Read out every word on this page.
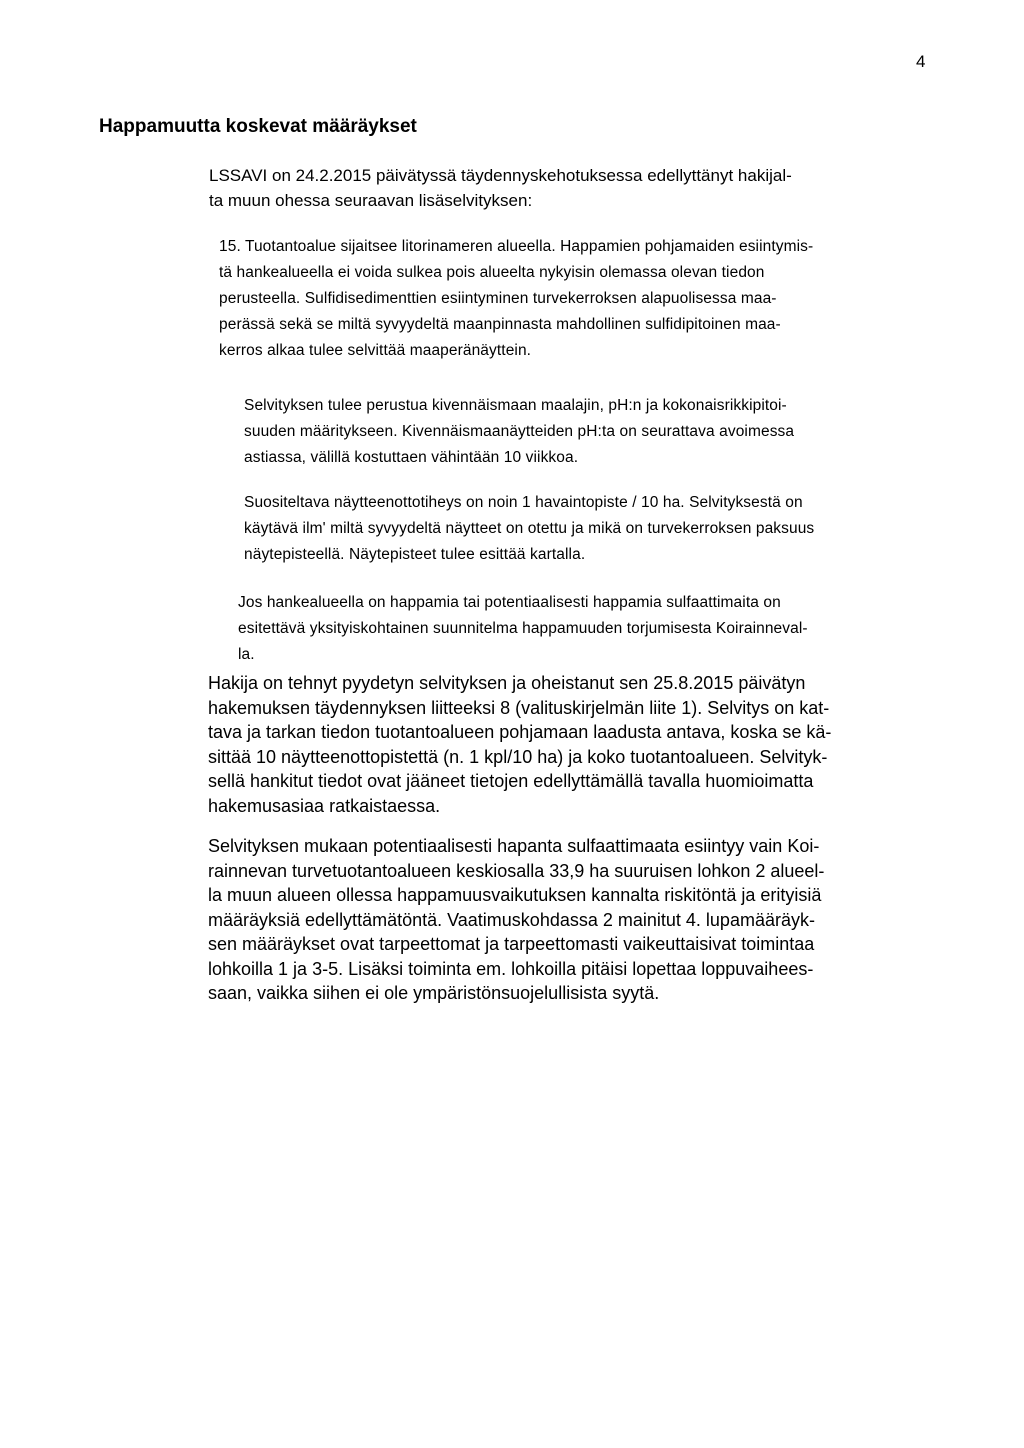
4
Happamuutta koskevat määräykset

LSSAVI on 24.2.2015 päivätyssä täydennyskehotuksessa edellyttänyt hakijal-
ta muun ohessa seuraavan lisäselvityksen:

15. Tuotantoalue sijaitsee litorinameren alueella. Happamien pohjamaiden esiintymis-
tä hankealueella ei voida sulkea pois alueelta nykyisin olemassa olevan tiedon
perusteella. Sulfidisedimenttien esiintyminen turvekerroksen alapuolisessa maa-
perässä sekä se miltä syvyydeltä maanpinnasta mahdollinen sulfidipitoinen maa-
kerros alkaa tulee selvittää maaperänäyttein.

Selvityksen tulee perustua kivennäismaan maalajin, pH:n ja kokonaisrikkipitoi-
suuden määritykseen. Kivennäismaanäytteiden pH:ta on seurattava avoimessa
astiassa, välillä kostuttaen vähintään 10 viikkoa.

Suositeltava näytteenottotiheys on noin 1 havaintopiste / 10 ha. Selvityksestä on
käytävä ilm' miltä syvyydeltä näytteet on otettu ja mikä on turvekerroksen paksuus
näytepisteellä. Näytepisteet tulee esittää kartalla.

Jos hankealueella on happamia tai potentiaalisesti happamia sulfaattimaita on
esitettävä yksityiskohtainen suunnitelma happamuuden torjumisesta Koirainneval-
la.

Hakija on tehnyt pyydetyn selvityksen ja oheistanut sen 25.8.2015 päivätyn
hakemuksen täydennyksen liitteeksi 8 (valituskirjelmän liite 1). Selvitys on kat-
tava ja tarkan tiedon tuotantoalueen pohjamaan laadusta antava, koska se kä-
sittää 10 näytteenottopistettä (n. 1 kpl/10 ha) ja koko tuotantoalueen. Selvityk-
sellä hankitut tiedot ovat jääneet tietojen edellyttämällä tavalla huomioimatta
hakemusasiaa ratkaistaessa.

Selvityksen mukaan potentiaalisesti hapanta sulfaattimaata esiintyy vain Koi-
rainnevan turvetuotantoalueen keskiosalla 33,9 ha suuruisen lohkon 2 alueel-
la muun alueen ollessa happamuusvaikutuksen kannalta riskitöntä ja erityisiä
määräyksiä edellyttämätöntä. Vaatimuskohdassa 2 mainitut 4. lupamääräyk-
sen määräykset ovat tarpeettomat ja tarpeettomasti vaikeuttaisivat toimintaa
lohkoilla 1 ja 3-5. Lisäksi toiminta em. lohkoilla pitäisi lopettaa loppuvaihees-
saan, vaikka siihen ei ole ympäristönsuojelullisista syytä.
